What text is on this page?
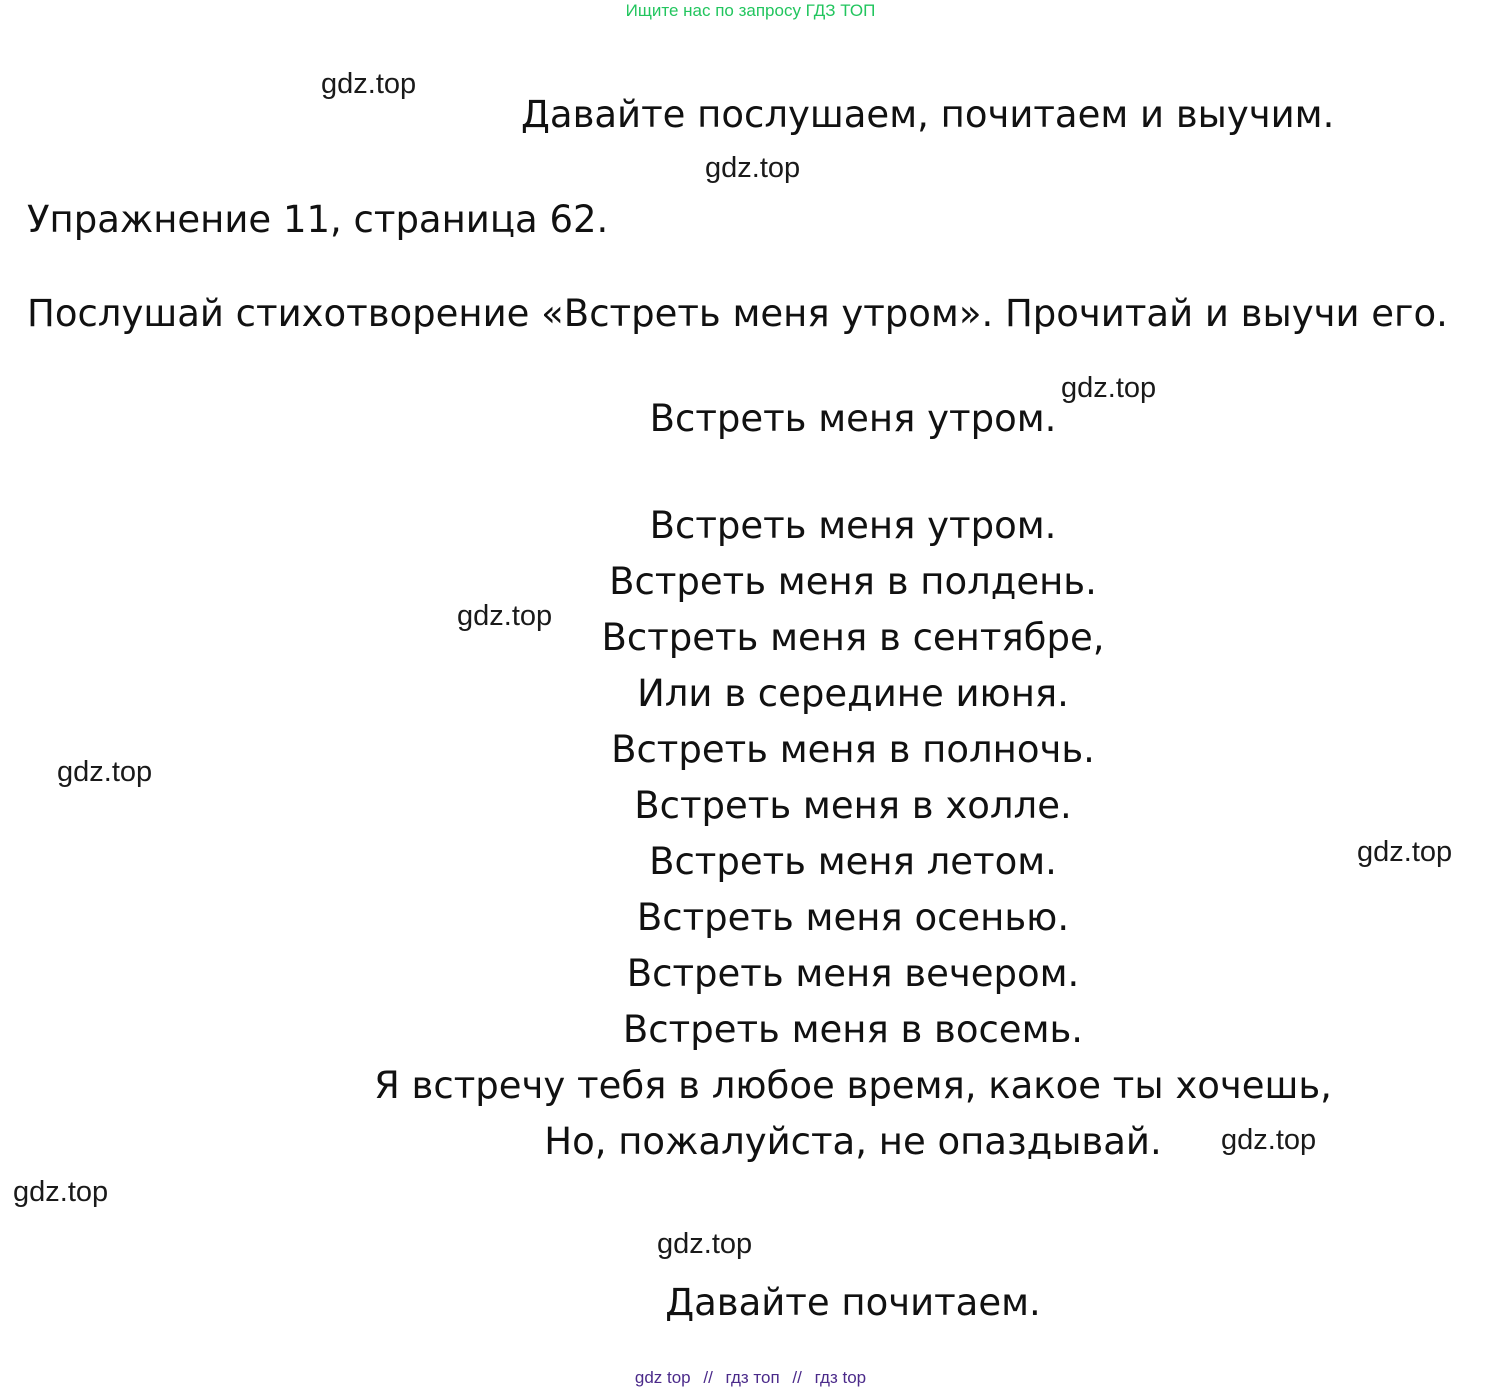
Ищите нас по запросу ГДЗ ТОП
gdz.top
Давайте послушаем, почитаем и выучим.
gdz.top
Упражнение 11, страница 62.
Послушай стихотворение «Встреть меня утром». Прочитай и выучи его.
gdz.top
Встреть меня утром.
Встреть меня утром.
Встреть меня в полдень.
Встреть меня в сентябре,
Или в середине июня.
Встреть меня в полночь.
Встреть меня в холле.
Встреть меня летом.
Встреть меня осенью.
Встреть меня вечером.
Встреть меня в восемь.
Я встречу тебя в любое время, какое ты хочешь,
Но, пожалуйста, не опаздывай.
gdz.top
gdz.top
gdz.top
gdz.top
gdz.top
gdz.top
Давайте почитаем.
gdz top // гдз топ // гдз top
